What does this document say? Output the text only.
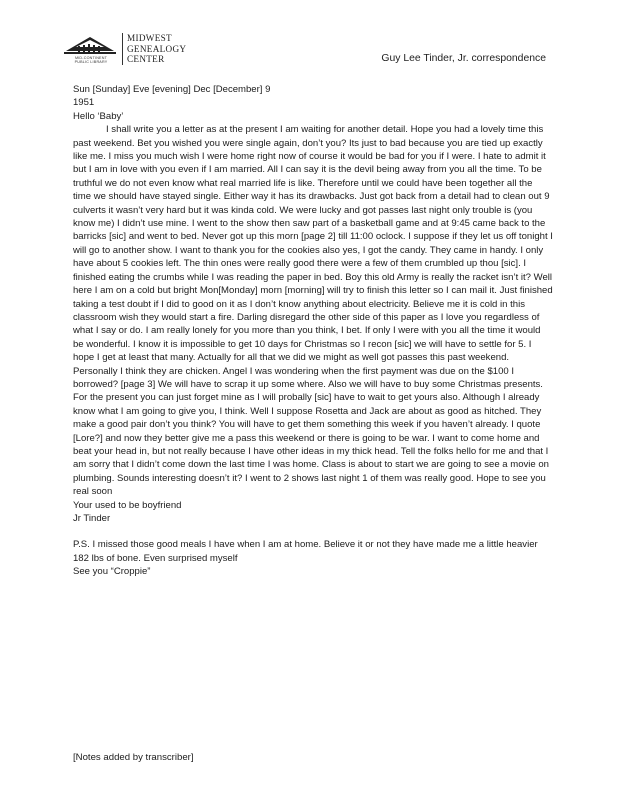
MID-CONTINENT
PUBLIC LIBRARY
MIDWEST
GENEALOGY
CENTER	Guy Lee Tinder, Jr. correspondence

Sun [Sunday] Eve [evening] Dec [December] 9

1951

Hello ‘Baby’

I shall write you a letter as at the present I am waiting for another detail. Hope you had a lovely time this past weekend. Bet you wished you were single again, don’t you? Its just to bad because you are tied up exactly like me. I miss you much wish I were home right now of course it would be bad for you if I were. I hate to admit it but I am in love with you even if I am married. All I can say it is the devil being away from you all the time. To be truthful we do not even know what real married life is like. Therefore until we could have been together all the time we should have stayed single. Either way it has its drawbacks. Just got back from a detail had to clean out 9 culverts it wasn’t very hard but it was kinda cold. We were lucky and got passes last night only trouble is (you know me) I didn’t use mine. I went to the show then saw part of a basketball game and at 9:45 came back to the barricks [sic] and went to bed. Never got up this morn [page 2] till 11:00 oclock. I suppose if they let us off tonight I will go to another show. I want to thank you for the cookies also yes, I got the candy. They came in handy. I only have about 5 cookies left. The thin ones were really good there were a few of them crumbled up thou [sic]. I finished eating the crumbs while I was reading the paper in bed. Boy this old Army is really the racket isn’t it? Well here I am on a cold but bright Mon[Monday] morn [morning] will try to finish this letter so I can mail it. Just finished taking a test doubt if I did to good on it as I don’t know anything about electricity. Believe me it is cold in this classroom wish they would start a fire. Darling disregard the other side of this paper as I love you regardless of what I say or do. I am really lonely for you more than you think, I bet. If only I were with you all the time it would be wonderful. I know it is impossible to get 10 days for Christmas so I recon [sic] we will have to settle for 5. I hope I get at least that many. Actually for all that we did we might as well got passes this past weekend. Personally I think they are chicken. Angel I was wondering when the first payment was due on the $100 I borrowed? [page 3] We will have to scrap it up some where. Also we will have to buy some Christmas presents. For the present you can just forget mine as I will probally [sic] have to wait to get yours also. Although I already know what I am going to give you, I think. Well I suppose Rosetta and Jack are about as good as hitched. They make a good pair don’t you think? You will have to get them something this week if you haven’t already. I quote [Lore?] and now they better give me a pass this weekend or there is going to be war. I want to come home and beat your head in, but not really because I have other ideas in my thick head. Tell the folks hello for me and that I am sorry that I didn’t come down the last time I was home. Class is about to start we are going to see a movie on plumbing. Sounds interesting doesn’t it? I went to 2 shows last night 1 of them was really good. Hope to see you real soon

Your used to be boyfriend

Jr Tinder

P.S. I missed those good meals I have when I am at home. Believe it or not they have made me a little heavier 182 lbs of bone. Even surprised myself

See you “Croppie”

[Notes added by transcriber]
